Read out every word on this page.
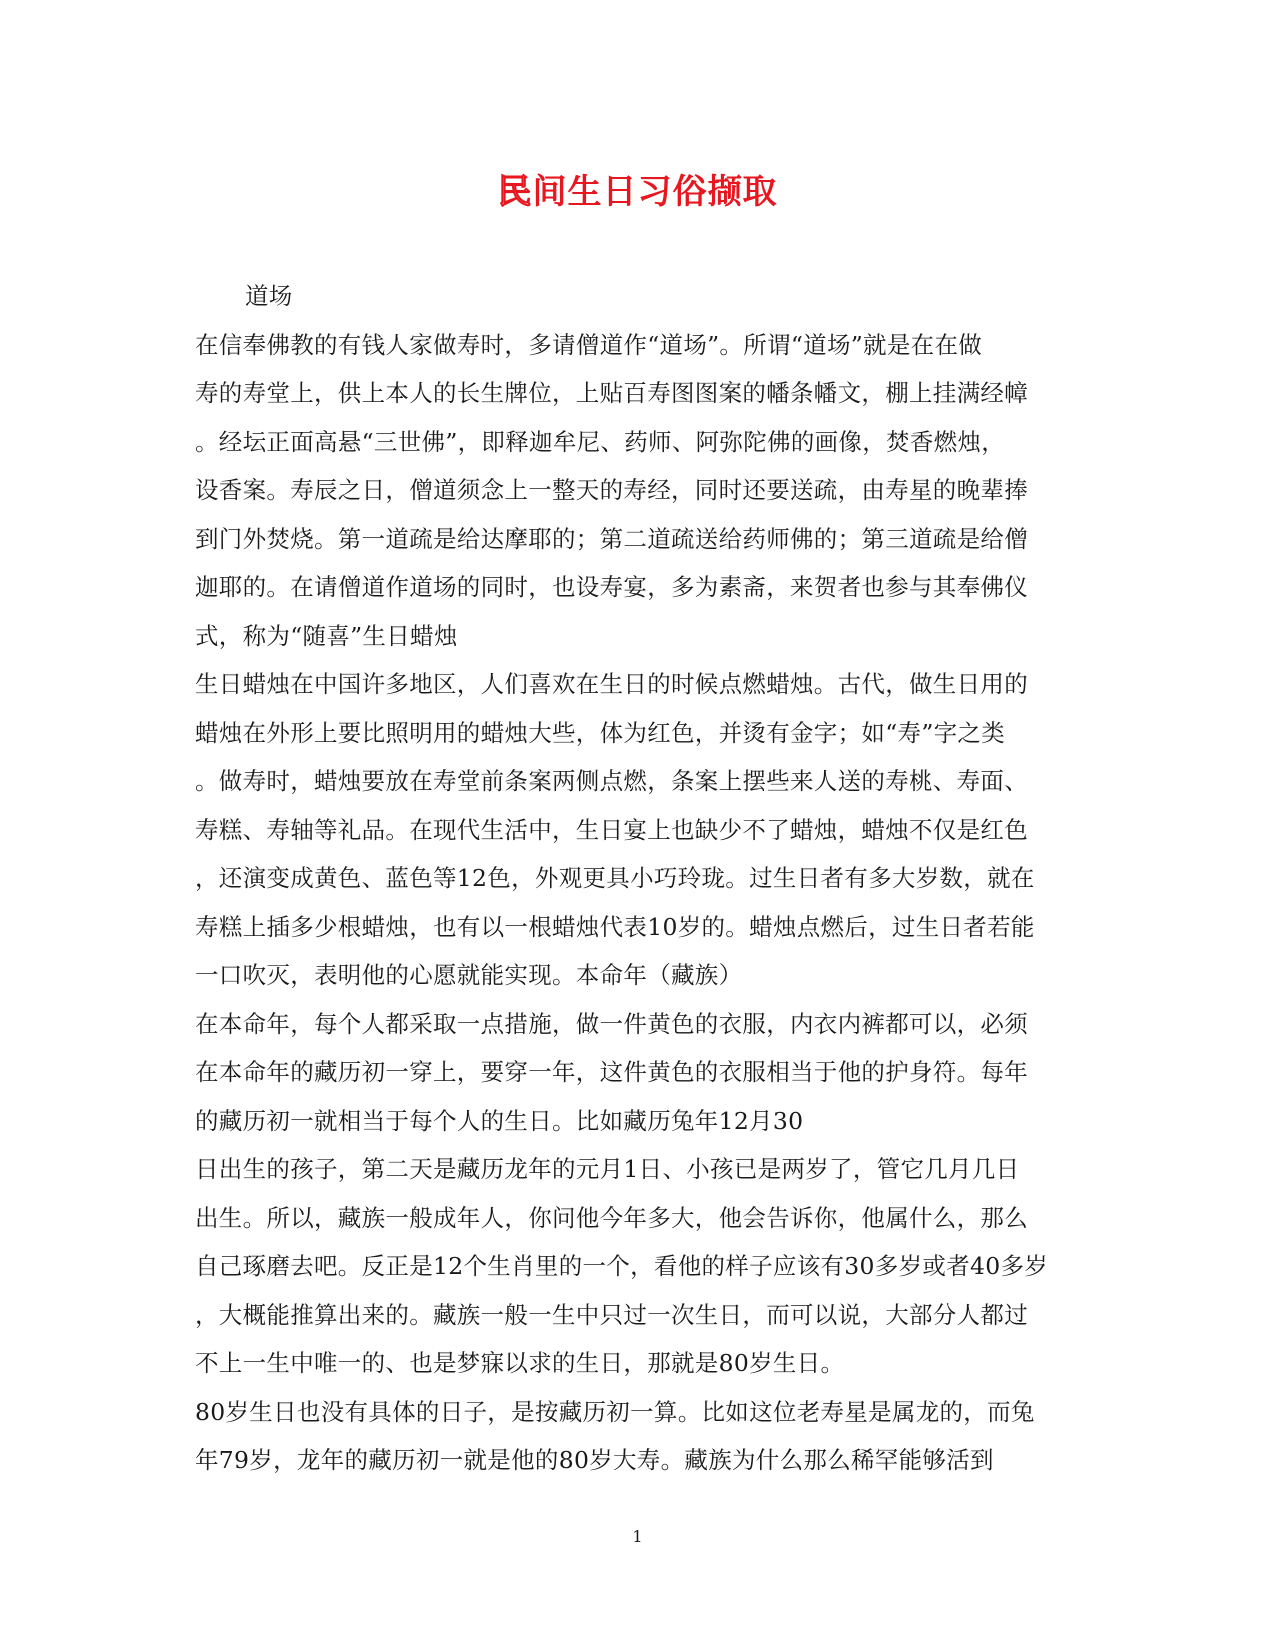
民间生日习俗撷取

道场

在信奉佛教的有钱人家做寿时，多请僧道作“道场”。所谓“道场”就是在在做

寿的寿堂上，供上本人的长生牌位，上贴百寿图图案的幡条幡文，棚上挂满经幛

。经坛正面高悬“三世佛”，即释迦牟尼、药师、阿弥陀佛的画像，焚香燃烛，

设香案。寿辰之日，僧道须念上一整天的寿经，同时还要送疏，由寿星的晚辈捧

到门外焚烧。第一道疏是给达摩耶的；第二道疏送给药师佛的；第三道疏是给僧

迦耶的。在请僧道作道场的同时，也设寿宴，多为素斋，来贺者也参与其奉佛仪

式，称为“随喜”生日蜡烛

生日蜡烛在中国许多地区，人们喜欢在生日的时候点燃蜡烛。古代，做生日用的

蜡烛在外形上要比照明用的蜡烛大些，体为红色，并烫有金字；如“寿”字之类

。做寿时，蜡烛要放在寿堂前条案两侧点燃，条案上摆些来人送的寿桃、寿面、

寿糕、寿轴等礼品。在现代生活中，生日宴上也缺少不了蜡烛，蜡烛不仅是红色

，还演变成黄色、蓝色等12色，外观更具小巧玲珑。过生日者有多大岁数，就在

寿糕上插多少根蜡烛，也有以一根蜡烛代表10岁的。蜡烛点燃后，过生日者若能

一口吹灭，表明他的心愿就能实现。本命年（藏族）

在本命年，每个人都采取一点措施，做一件黄色的衣服，内衣内裤都可以，必须

在本命年的藏历初一穿上，要穿一年，这件黄色的衣服相当于他的护身符。每年

的藏历初一就相当于每个人的生日。比如藏历兔年12月30

日出生的孩子，第二天是藏历龙年的元月1日、小孩已是两岁了，管它几月几日

出生。所以，藏族一般成年人，你问他今年多大，他会告诉你，他属什么，那么

自己琢磨去吧。反正是12个生肖里的一个，看他的样子应该有30多岁或者40多岁

，大概能推算出来的。藏族一般一生中只过一次生日，而可以说，大部分人都过

不上一生中唯一的、也是梦寐以求的生日，那就是80岁生日。

80岁生日也没有具体的日子，是按藏历初一算。比如这位老寿星是属龙的，而兔

年79岁，龙年的藏历初一就是他的80岁大寿。藏族为什么那么稀罕能够活到

1
